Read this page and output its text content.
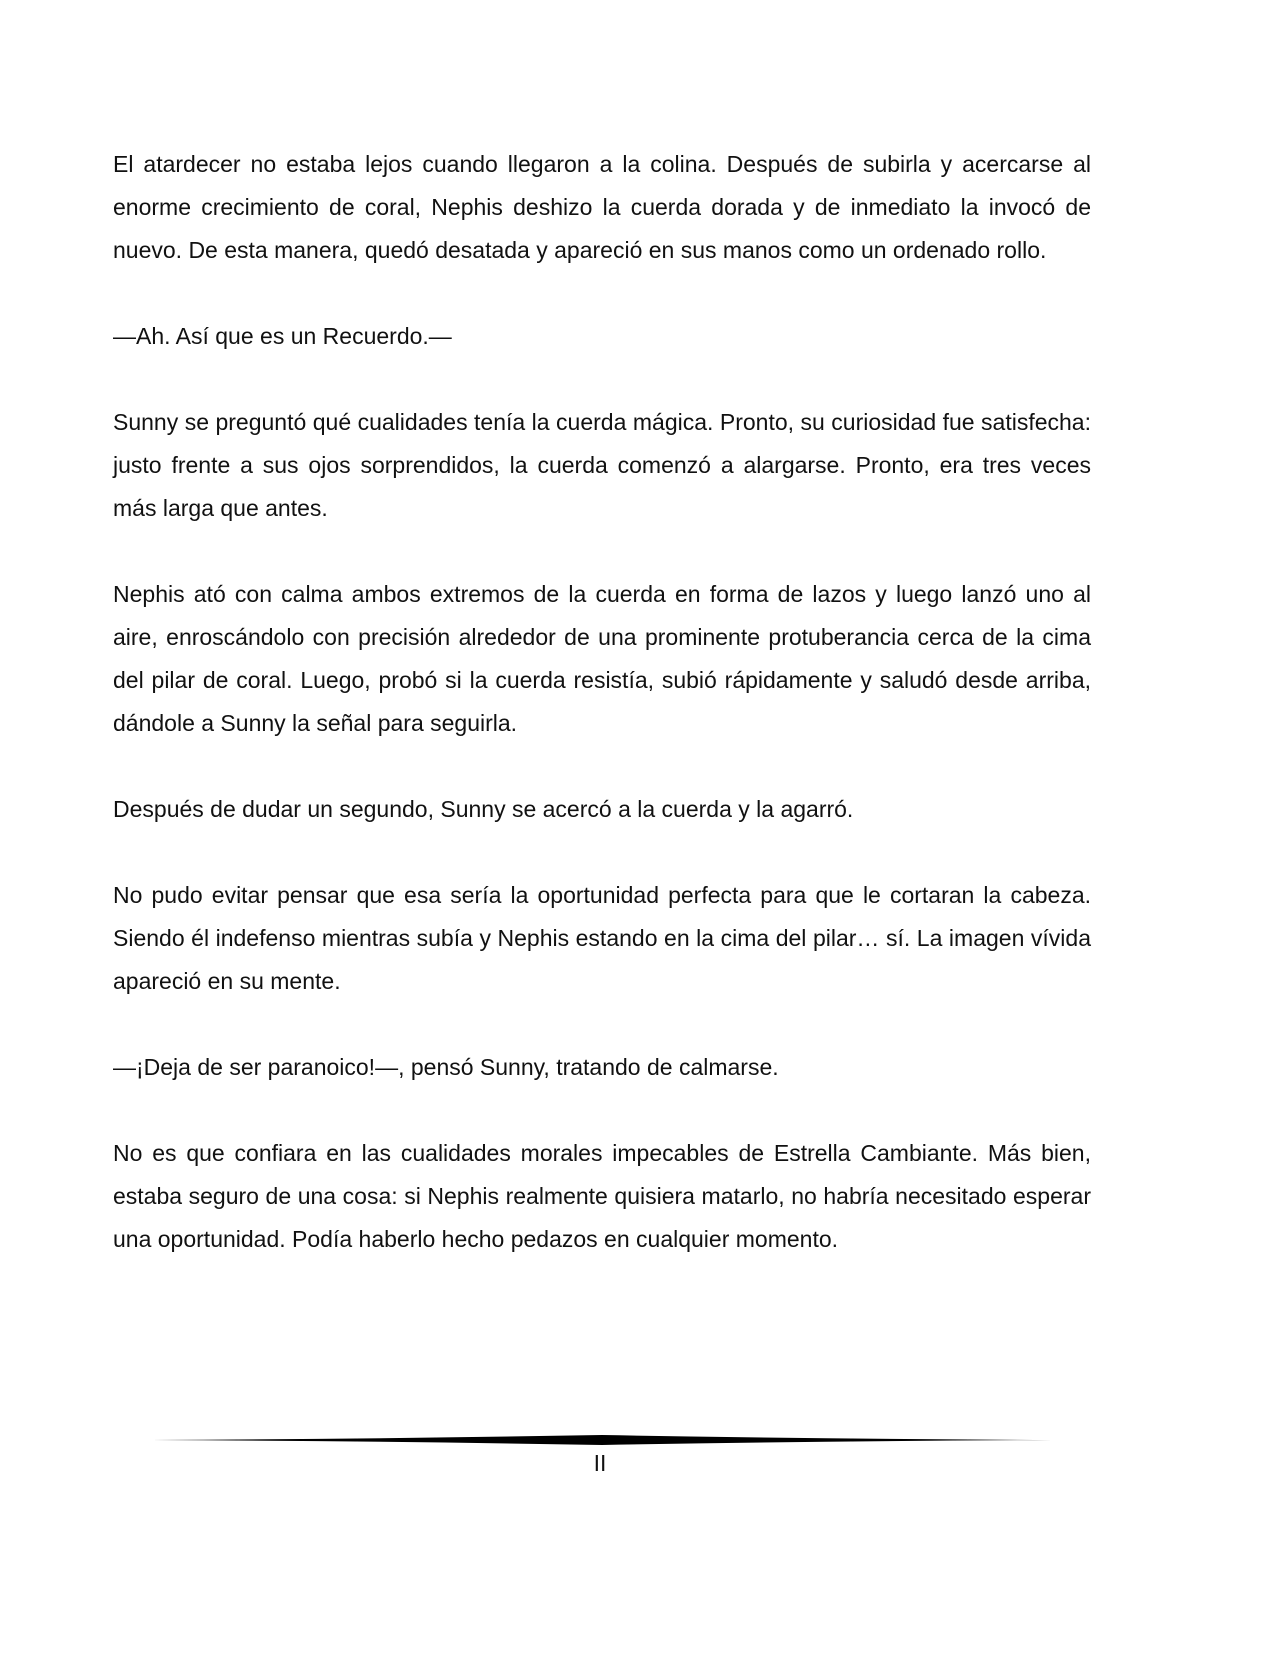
El atardecer no estaba lejos cuando llegaron a la colina. Después de subirla y acercarse al enorme crecimiento de coral, Nephis deshizo la cuerda dorada y de inmediato la invocó de nuevo. De esta manera, quedó desatada y apareció en sus manos como un ordenado rollo.

—Ah. Así que es un Recuerdo.—

Sunny se preguntó qué cualidades tenía la cuerda mágica. Pronto, su curiosidad fue satisfecha: justo frente a sus ojos sorprendidos, la cuerda comenzó a alargarse. Pronto, era tres veces más larga que antes.

Nephis ató con calma ambos extremos de la cuerda en forma de lazos y luego lanzó uno al aire, enroscándolo con precisión alrededor de una prominente protuberancia cerca de la cima del pilar de coral. Luego, probó si la cuerda resistía, subió rápidamente y saludó desde arriba, dándole a Sunny la señal para seguirla.

Después de dudar un segundo, Sunny se acercó a la cuerda y la agarró.

No pudo evitar pensar que esa sería la oportunidad perfecta para que le cortaran la cabeza. Siendo él indefenso mientras subía y Nephis estando en la cima del pilar… sí. La imagen vívida apareció en su mente.

—¡Deja de ser paranoico!—, pensó Sunny, tratando de calmarse.

No es que confiara en las cualidades morales impecables de Estrella Cambiante. Más bien, estaba seguro de una cosa: si Nephis realmente quisiera matarlo, no habría necesitado esperar una oportunidad. Podía haberlo hecho pedazos en cualquier momento.

II
